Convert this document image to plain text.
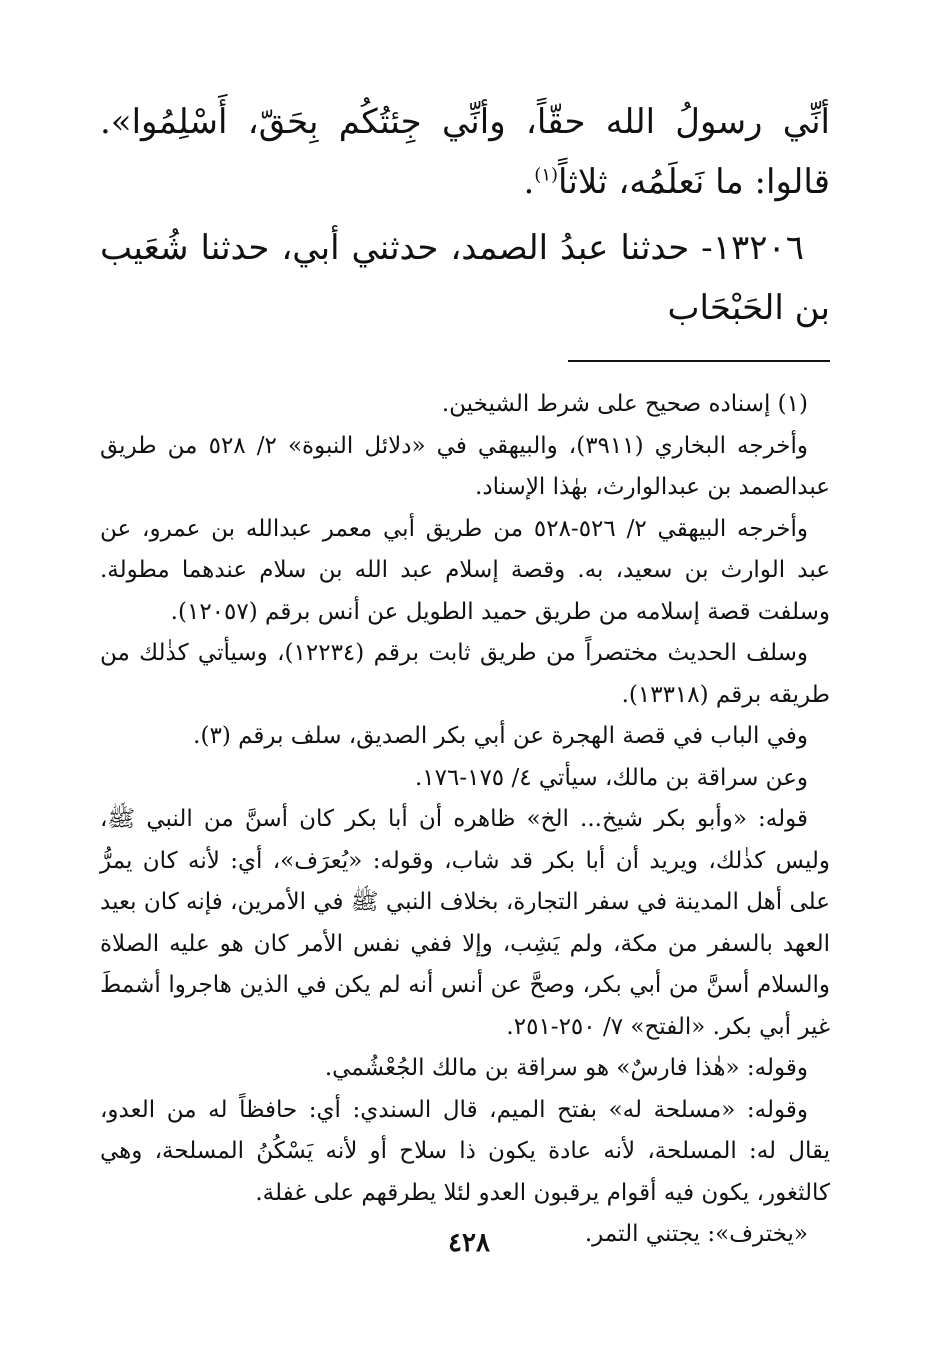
أنِّي رسولُ الله حقّاً، وأنِّي جِئتُكُم بِحَقّ، أَسْلِمُوا». قالوا: ما نَعلَمُه، ثلاثاً$^{(١)}$.

١٣٢٠٦- حدثنا عبدُ الصمد، حدثني أبي، حدثنا شُعَيب بن الحَبْحَاب

(١) إسناده صحيح على شرط الشيخين.

وأخرجه البخاري (٣٩١١)، والبيهقي في «دلائل النبوة» ٢/ ٥٢٨ من طريق عبدالصمد بن عبدالوارث، بهٰذا الإسناد.

وأخرجه البيهقي ٢/ ٥٢٦-٥٢٨ من طريق أبي معمر عبدالله بن عمرو، عن عبد الوارث بن سعيد، به. وقصة إسلام عبد الله بن سلام عندهما مطولة. وسلفت قصة إسلامه من طريق حميد الطويل عن أنس برقم (١٢٠٥٧).

وسلف الحديث مختصراً من طريق ثابت برقم (١٢٢٣٤)، وسيأتي كذٰلك من طريقه برقم (١٣٣١٨).

وفي الباب في قصة الهجرة عن أبي بكر الصديق، سلف برقم (٣).

وعن سراقة بن مالك، سيأتي ٤/ ١٧٥-١٧٦.

قوله: «وأبو بكر شيخ... الخ» ظاهره أن أبا بكر كان أسنَّ من النبي ﷺ، وليس كذٰلك، ويريد أن أبا بكر قد شاب، وقوله: «يُعرَف»، أي: لأنه كان يمرُّ على أهل المدينة في سفر التجارة، بخلاف النبي ﷺ في الأمرين، فإنه كان بعيد العهد بالسفر من مكة، ولم يَشِب، وإلا ففي نفس الأمر كان هو عليه الصلاة والسلام أسنَّ من أبي بكر، وصحَّ عن أنس أنه لم يكن في الذين هاجروا أشمطَ غير أبي بكر. «الفتح» ٧/ ٢٥٠-٢٥١.

وقوله: «هٰذا فارسٌ» هو سراقة بن مالك الجُعْشُمي.

وقوله: «مسلحة له» بفتح الميم، قال السندي: أي: حافظاً له من العدو، يقال له: المسلحة، لأنه عادة يكون ذا سلاح أو لأنه يَسْكُنُ المسلحة، وهي كالثغور، يكون فيه أقوام يرقبون العدو لئلا يطرقهم على غفلة.

«يخترف»: يجتني التمر.

٤٢٨
